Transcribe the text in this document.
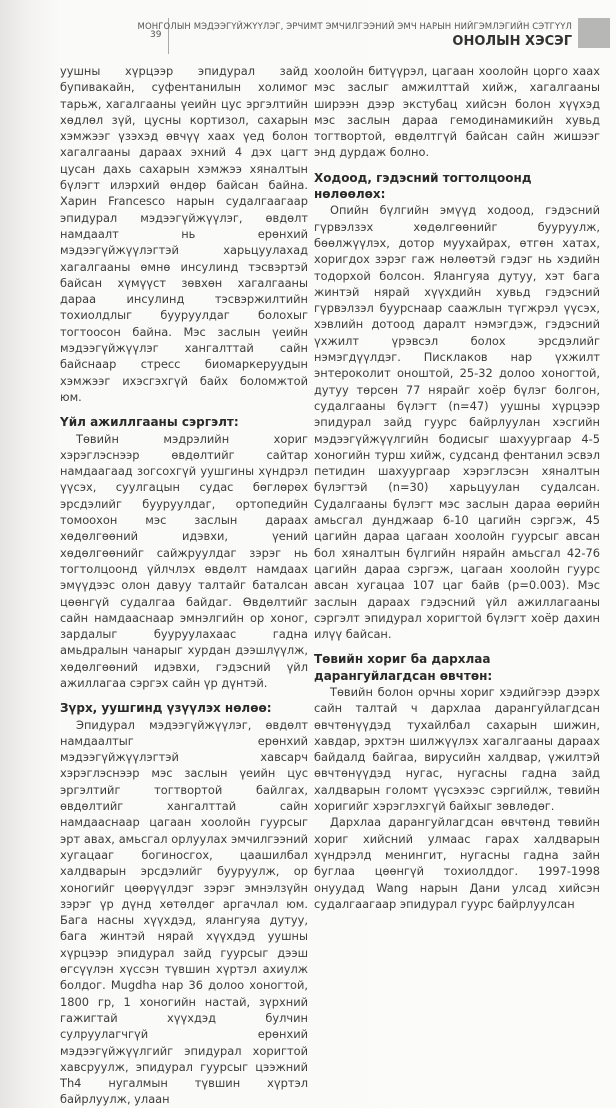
39
МОНГОЛЫН МЭДЭЭГҮЙЖҮҮЛЭГ, ЭРЧИМТ ЭМЧИЛГЭЭНИЙ ЭМЧ НАРЫН НИЙГЭМЛЭГИЙН СЭТГҮҮЛ
ОНОЛЫН ХЭСЭГ

уушны хүрцээр эпидурал зайд бупивакайн, суфентанилын холимог тарьж, хагалгааны үеийн цус эргэлтийн хөдлөл зүй, цусны кортизол, сахарын хэмжээг үзэхэд өвчүү хаах үед болон хагалгааны дараах эхний 4 дэх цагт цусан дахь сахарын хэмжээ хяналтын бүлэгт илэрхий өндөр байсан байна. Харин Francesco нарын судалгаагаар эпидурал мэдээгүйжүүлэг, өвдөлт намдаалт нь ерөнхий мэдээгүйжүүлэгтэй харьцуулахад хагалгааны өмнө инсулинд тэсвэртэй байсан хүмүүст зөвхөн хагалгааны дараа инсулинд тэсвэржилтийн тохиолдлыг бууруулдаг болохыг тогтоосон байна. Мэс заслын үеийн мэдээгүйжүүлэг хангалттай сайн байснаар стресс биомаркеруудын хэмжээг ихэсгэхгүй байх боломжтой юм.

Үйл ажиллгааны сэргэлт:

Төвийн мэдрэлийн хориг хэрэглэснээр өвдөлтийг сайтар намдаагаад зогсохгүй уушгины хүндрэл үүсэх, суулгацын судас бөглөрөх эрсдэлийг бууруулдаг, ортопедийн томоохон мэс заслын дараах хөдөлгөөний идэвхи, үений хөдөлгөөнийг сайжруулдаг зэрэг нь тогтолцоонд үйлчлэх өвдөлт намдаах эмүүдээс олон давуу талтайг баталсан цөөнгүй судалгаа байдаг. Өвдөлтийг сайн намдааснаар эмнэлгийн ор хоног, зардалыг бууруулахаас гадна амьдралын чанарыг хурдан дээшлүүлж, хөдөлгөөний идэвхи, гэдэсний үйл ажиллагаа сэргэх сайн үр дүнтэй.

Зүрх, уушгинд үзүүлэх нөлөө:

Эпидурал мэдээгүйжүүлэг, өвдөлт намдаалтыг ерөнхий мэдээгүйжүүлэгтэй хавсарч хэрэглэснээр мэс заслын үеийн цус эргэлтийг тогтвортой байлгах, өвдөлтийг хангалттай сайн намдааснаар цагаан хоолойн гуурсыг эрт авах, амьсгал орлуулах эмчилгээний хугацааг богиносгох, цаашилбал халдварын эрсдэлийг бууруулж, ор хоногийг цөөрүүлдэг зэрэг эмнэлзүйн зэрэг үр дүнд хөтөлдөг аргачлал юм. Бага насны хүүхдэд, ялангуяа дутуу, бага жинтэй нярай хүүхдэд уушны хүрцээр эпидурал зайд гуурсыг дээш өгсүүлэн хүссэн түвшин хүртэл ахиулж болдог. Mugdha нар 36 долоо хоногтой, 1800 гр, 1 хоногийн настай, зүрхний гажигтай хүүхдэд булчин сулруулагчгүй ерөнхий мэдээгүйжүүлгийг эпидурал хоригтой хавсруулж, эпидурал гуурсыг цээжний Th4 нугалмын түвшин хүртэл байрлуулж, улаан

хоолойн битүүрэл, цагаан хоолойн цорго хаах мэс заслыг амжилттай хийж, хагалгааны ширээн дээр экстубац хийсэн болон хүүхэд мэс заслын дараа гемодинамикийн хувьд тогтвортой, өвдөлтгүй байсан сайн жишээг энд дурдаж болно.

Ходоод, гэдэсний тогтолцоонд нөлөөлөх:

Опийн бүлгийн эмүүд ходоод, гэдэсний гүрвэлзэх хөдөлгөөнийг бууруулж, бөөлжүүлэх, дотор муухайрах, өтгөн хатах, хоригдох зэрэг гаж нөлөөтэй гэдэг нь хэдийн тодорхой болсон. Ялангуяа дутуу, хэт бага жинтэй нярай хүүхдийн хувьд гэдэсний гүрвэлзэл буурснаар саажлын түгжрэл үүсэх, хэвлийн дотоод даралт нэмэгдэж, гэдэсний үхжилт үрэвсэл болох эрсдэлийг нэмэгдүүлдэг. Писклаков нар үхжилт энтероколит оноштой, 25-32 долоо хоногтой, дутуу төрсөн 77 нярайг хоёр бүлэг болгон, судалгааны бүлэгт (n=47) уушны хүрцээр эпидурал зайд гуурс байрлуулан хэсгийн мэдээгүйжүүлгийн бодисыг шахуургаар 4-5 хоногийн турш хийж, судсанд фентанил эсвэл петидин шахуургаар хэрэглэсэн хяналтын бүлэгтэй (n=30) харьцуулан судалсан. Судалгааны бүлэгт мэс заслын дараа өөрийн амьсгал дунджаар 6-10 цагийн сэргэж, 45 цагийн дараа цагаан хоолойн гуурсыг авсан бол хяналтын бүлгийн нярайн амьсгал 42-76 цагийн дараа сэргэж, цагаан хоолойн гуурс авсан хугацаа 107 цаг байв (p=0.003). Мэс заслын дараах гэдэсний үйл ажиллагааны сэргэлт эпидурал хоригтой бүлэгт хоёр дахин илүү байсан.

Төвийн хориг ба дархлаа дарангуйлагдсан өвчтөн:

Төвийн болон орчны хориг хэдийгээр дээрх сайн талтай ч дархлаа дарангуйлагдсан өвчтөнүүдэд тухайлбал сахарын шижин, хавдар, эрхтэн шилжүүлэх хагалгааны дараах байдалд байгаа, вирусийн халдвар, үжилтэй өвчтөнүүдэд нугас, нугасны гадна зайд халдварын голомт үүсэхээс сэргийлж, төвийн хоригийг хэрэглэхгүй байхыг зөвлөдөг.

Дархлаа дарангуйлагдсан өвчтөнд төвийн хориг хийсний улмаас гарах халдварын хүндрэлд менингит, нугасны гадна зайн буглаа цөөнгүй тохиолддог. 1997-1998 онуудад Wang нарын Дани улсад хийсэн судалгаагаар эпидурал гуурс байрлуулсан
